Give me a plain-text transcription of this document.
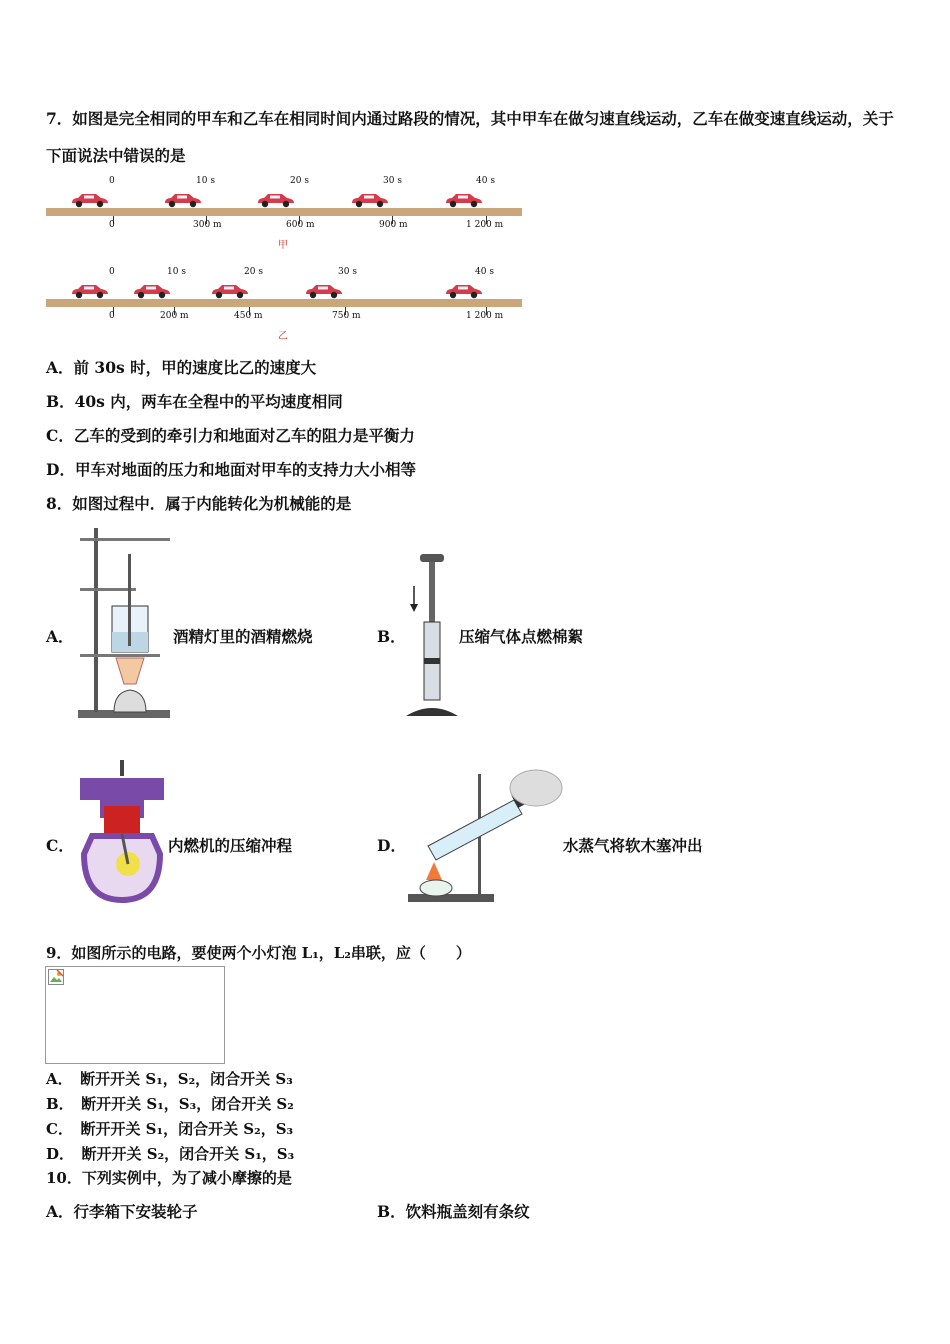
7．如图是完全相同的甲车和乙车在相同时间内通过路段的情况，其中甲车在做匀速直线运动，乙车在做变速直线运动，关于下面说法中错误的是
0	10 s	20 s	30 s	40 s
0	300 m	600 m	900 m	1 200 m
甲
0	10 s	20 s	30 s	40 s
0	200 m	450 m	750 m	1 200 m
乙
A．前 30s 时，甲的速度比乙的速度大
B．40s 内，两车在全程中的平均速度相同
C．乙车的受到的牵引力和地面对乙车的阻力是平衡力
D．甲车对地面的压力和地面对甲车的支持力大小相等
8．如图过程中．属于内能转化为机械能的是
A．	酒精灯里的酒精燃烧	B．	压缩气体点燃棉絮
C．	内燃机的压缩冲程	D．	水蒸气将软木塞冲出
9．如图所示的电路，要使两个小灯泡 L₁，L₂串联，应（　　）
A．　断开开关 S₁，S₂，闭合开关 S₃
B．　断开开关 S₁，S₃，闭合开关 S₂
C．　断开开关 S₁，闭合开关 S₂，S₃
D．　断开开关 S₂，闭合开关 S₁，S₃
10．下列实例中，为了减小摩擦的是
A．行李箱下安装轮子	B．饮料瓶盖刻有条纹
